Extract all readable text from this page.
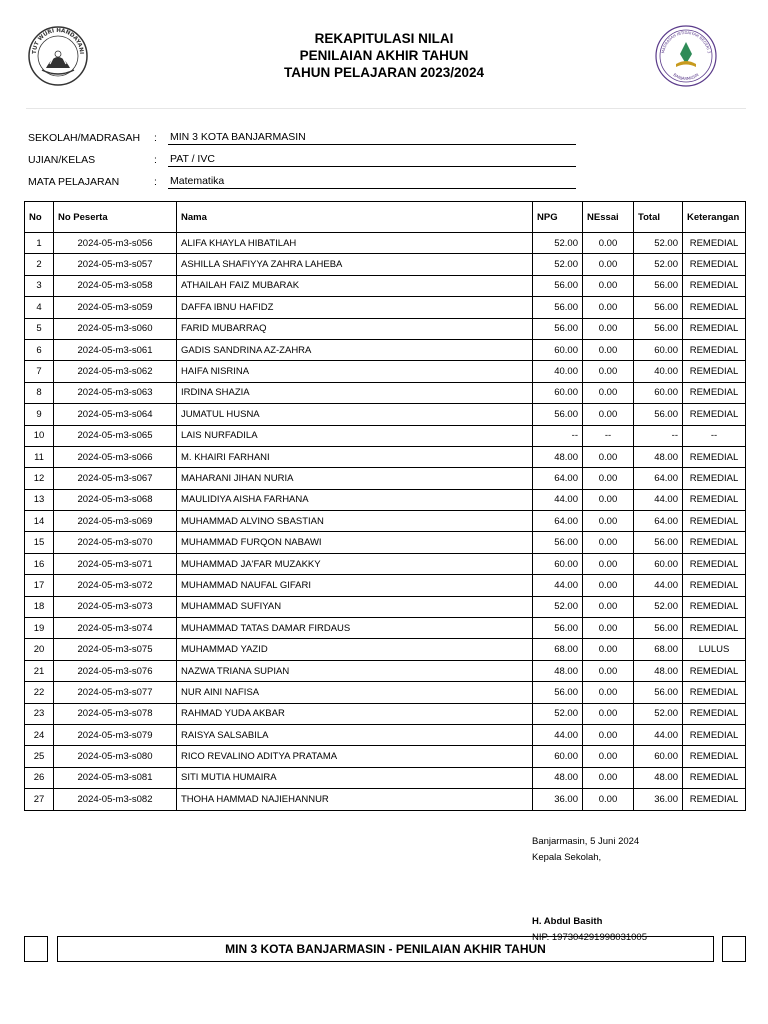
TUT WURI HANDAYANI
REKAPITULASI NILAI
PENILAIAN AKHIR TAHUN
TAHUN PELAJARAN 2023/2024
MADRASAH IBTIDAIYAH NEGERI 3
BANJARMASIN
SEKOLAH/MADRASAH : MIN 3 KOTA BANJARMASIN
UJIAN/KELAS	: PAT / IVC
MATA PELAJARAN	: Matematika
No	No Peserta	Nama	NPG	NEssai	Total	Keterangan
1	2024-05-m3-s056	ALIFA KHAYLA HIBATILAH	52.00	0.00	52.00	REMEDIAL
2	2024-05-m3-s057	ASHILLA SHAFIYYA ZAHRA LAHEBA	52.00	0.00	52.00	REMEDIAL
3	2024-05-m3-s058	ATHAILAH FAIZ MUBARAK	56.00	0.00	56.00	REMEDIAL
4	2024-05-m3-s059	DAFFA IBNU HAFIDZ	56.00	0.00	56.00	REMEDIAL
5	2024-05-m3-s060	FARID MUBARRAQ	56.00	0.00	56.00	REMEDIAL
6	2024-05-m3-s061	GADIS SANDRINA AZ-ZAHRA	60.00	0.00	60.00	REMEDIAL
7	2024-05-m3-s062	HAIFA NISRINA	40.00	0.00	40.00	REMEDIAL
8	2024-05-m3-s063	IRDINA SHAZIA	60.00	0.00	60.00	REMEDIAL
9	2024-05-m3-s064	JUMATUL HUSNA	56.00	0.00	56.00	REMEDIAL
10	2024-05-m3-s065	LAIS NURFADILA	--	--	--	--
11	2024-05-m3-s066	M. KHAIRI FARHANI	48.00	0.00	48.00	REMEDIAL
12	2024-05-m3-s067	MAHARANI JIHAN NURIA	64.00	0.00	64.00	REMEDIAL
13	2024-05-m3-s068	MAULIDIYA AISHA FARHANA	44.00	0.00	44.00	REMEDIAL
14	2024-05-m3-s069	MUHAMMAD ALVINO SBASTIAN	64.00	0.00	64.00	REMEDIAL
15	2024-05-m3-s070	MUHAMMAD FURQON NABAWI	56.00	0.00	56.00	REMEDIAL
16	2024-05-m3-s071	MUHAMMAD JA'FAR MUZAKKY	60.00	0.00	60.00	REMEDIAL
17	2024-05-m3-s072	MUHAMMAD NAUFAL GIFARI	44.00	0.00	44.00	REMEDIAL
18	2024-05-m3-s073	MUHAMMAD SUFIYAN	52.00	0.00	52.00	REMEDIAL
19	2024-05-m3-s074	MUHAMMAD TATAS DAMAR FIRDAUS	56.00	0.00	56.00	REMEDIAL
20	2024-05-m3-s075	MUHAMMAD YAZID	68.00	0.00	68.00	LULUS
21	2024-05-m3-s076	NAZWA TRIANA SUPIAN	48.00	0.00	48.00	REMEDIAL
22	2024-05-m3-s077	NUR AINI NAFISA	56.00	0.00	56.00	REMEDIAL
23	2024-05-m3-s078	RAHMAD YUDA AKBAR	52.00	0.00	52.00	REMEDIAL
24	2024-05-m3-s079	RAISYA SALSABILA	44.00	0.00	44.00	REMEDIAL
25	2024-05-m3-s080	RICO REVALINO ADITYA PRATAMA	60.00	0.00	60.00	REMEDIAL
26	2024-05-m3-s081	SITI MUTIA HUMAIRA	48.00	0.00	48.00	REMEDIAL
27	2024-05-m3-s082	THOHA HAMMAD NAJIEHANNUR	36.00	0.00	36.00	REMEDIAL
Banjarmasin, 5 Juni 2024
Kepala Sekolah,
H. Abdul Basith
NIP. 197304291998031005
MIN 3 KOTA BANJARMASIN - PENILAIAN AKHIR TAHUN
